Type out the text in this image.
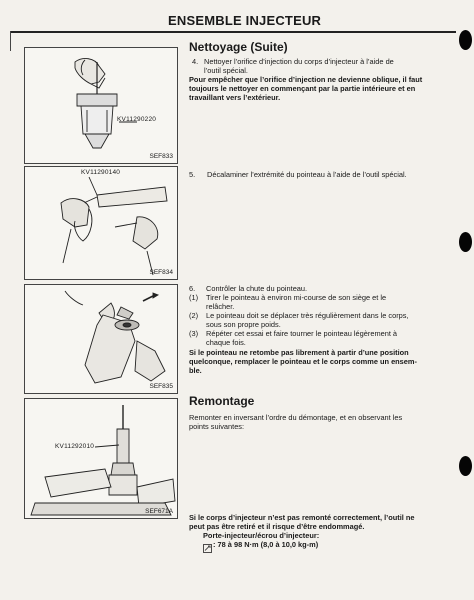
ENSEMBLE INJECTEUR
KV11290220
SEF833
KV11290140
SEF834
SEF835
KV11292010
SEF671A
Nettoyage (Suite)
4. Nettoyer l’orifice d’injection du corps d’injecteur à l’aide de
l’outil spécial.
Pour empêcher que l’orifice d’injection ne devienne oblique, il faut
toujours le nettoyer en commençant par la partie intérieure et en
travaillant vers l’extérieur.
5. Décalaminer l’extrémité du pointeau à l’aide de l’outil spécial.
6. Contrôler la chute du pointeau.
(1) Tirer le pointeau à environ mi-course de son siège et le
relâcher.
(2) Le pointeau doit se déplacer très régulièrement dans le corps,
sous son propre poids.
(3) Répéter cet essai et faire tourner le pointeau légèrement à
chaque fois.
Si le pointeau ne retombe pas librement à partir d’une position
quelconque, remplacer le pointeau et le corps comme un ensem-
ble.
Remontage
Remonter en inversant l’ordre du démontage, et en observant les
points suivantes:
Si le corps d’injecteur n’est pas remonté correctement, l’outil ne
peut pas être retiré et il risque d’être endommagé.
Porte-injecteur/écrou d’injecteur:
: 78 à 98 N·m (8,0 à 10,0 kg-m)
